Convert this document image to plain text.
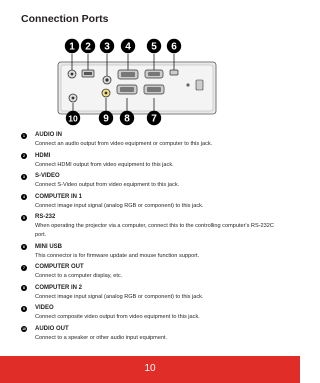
Connection Ports
1 2 3 4 5 6
10	9 8 7
1	AUDIO IN
Connect an audio output from video equipment or computer to this jack.
2	HDMI
Connect HDMI output from video equipment to this jack.
3	S-VIDEO
Connect S-Video output from video equipment to this jack.
4	COMPUTER IN 1
Connect image input signal (analog RGB or component) to this jack.
5	RS-232
When operating the projector via a computer, connect this to the controlling computer's RS-232C port.
6	MINI USB
This connector is for firmware update and mouse function support.
7	COMPUTER OUT
Connect to a computer display, etc.
8	COMPUTER IN 2
Connect image input signal (analog RGB or component) to this jack.
9	VIDEO
Connect composite video output from video equipment to this jack.
10 AUDIO OUT
Connect to a speaker or other audio input equipment.
10
